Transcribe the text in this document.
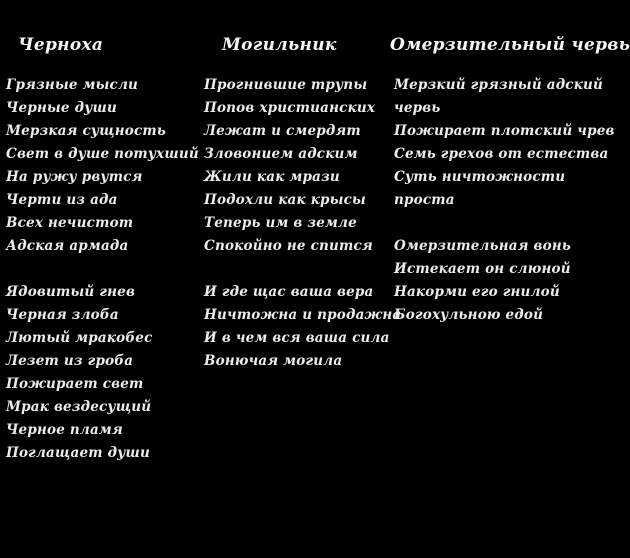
Черноха
Грязные мысли
Черные души
Мерзкая сущность
Свет в душе потухший
На ружу рвутся
Черти из ада
Всех нечистот
Адская армада
Ядовитый гнев
Черная злоба
Лютый мракобес
Лезет из гроба
Пожирает свет
Мрак вездесущий
Черное пламя
Поглащает души
Могильник
Прогнившие трупы
Попов христианских
Лежат и смердят
Зловонием адским
Жили как мрази
Подохли как крысы
Теперь им в земле
Спокойно не спится
И где щас ваша вера
Ничтожна и продажна
И в чем вся ваша сила
Вонючая могила
Омерзительный червь
Мерзкий грязный адский
червь
Пожирает плотский чрев
Семь грехов от естества
Суть ничтожности
проста
Омерзительная вонь
Истекает он слюной
Накорми его гнилой
Богохульною едой
